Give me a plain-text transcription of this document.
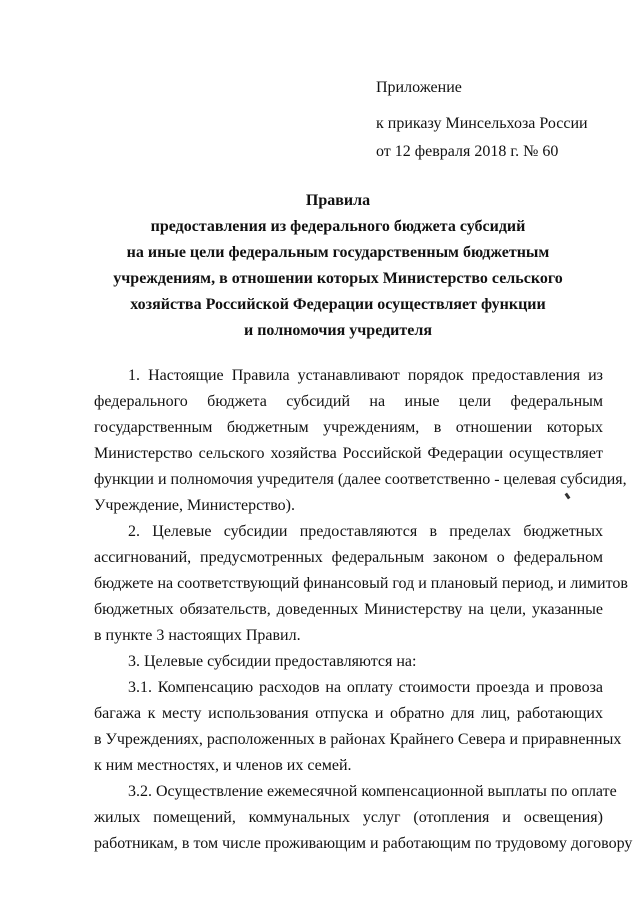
Приложение
к приказу Минсельхоза России
от 12 февраля 2018 г. № 60
Правила
предоставления из федерального бюджета субсидий
на иные цели федеральным государственным бюджетным
учреждениям, в отношении которых Министерство сельского
хозяйства Российской Федерации осуществляет функции
и полномочия учредителя
1. Настоящие Правила устанавливают порядок предоставления из
федерального бюджета субсидий на иные цели федеральным
государственным бюджетным учреждениям, в отношении которых
Министерство сельского хозяйства Российской Федерации осуществляет
функции и полномочия учредителя (далее соответственно - целевая субсидия,
Учреждение, Министерство).
2. Целевые субсидии предоставляются в пределах бюджетных
ассигнований, предусмотренных федеральным законом о федеральном
бюджете на соответствующий финансовый год и плановый период, и лимитов
бюджетных обязательств, доведенных Министерству на цели, указанные
в пункте 3 настоящих Правил.
3. Целевые субсидии предоставляются на:
3.1. Компенсацию расходов на оплату стоимости проезда и провоза
багажа к месту использования отпуска и обратно для лиц, работающих
в Учреждениях, расположенных в районах Крайнего Севера и приравненных
к ним местностях, и членов их семей.
3.2. Осуществление ежемесячной компенсационной выплаты по оплате
жилых помещений, коммунальных услуг (отопления и освещения)
работникам, в том числе проживающим и работающим по трудовому договору
